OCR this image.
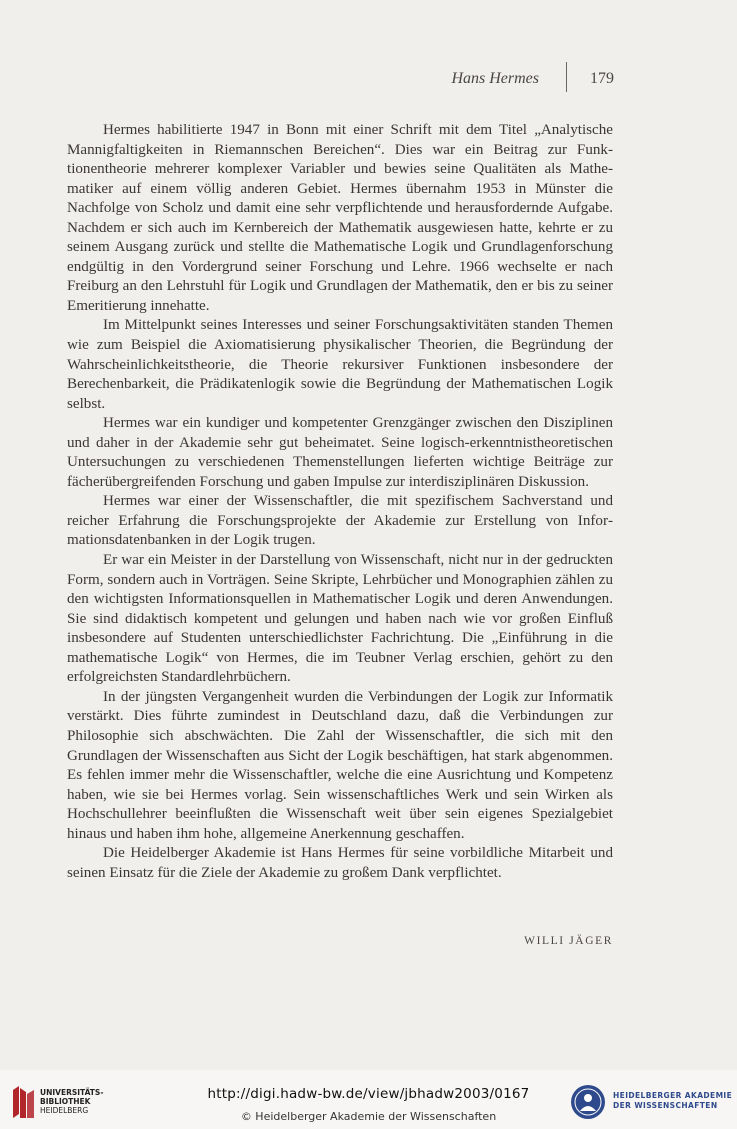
Hans Hermes	179

Hermes habilitierte 1947 in Bonn mit einer Schrift mit dem Titel „Analytische Mannigfaltigkeiten in Riemannschen Bereichen“. Dies war ein Beitrag zur Funktionentheorie mehrerer komplexer Variabler und bewies seine Qualitäten als Mathematiker auf einem völlig anderen Gebiet. Hermes übernahm 1953 in Münster die Nachfolge von Scholz und damit eine sehr verpflichtende und herausfordernde Aufgabe. Nachdem er sich auch im Kernbereich der Mathematik ausgewiesen hatte, kehrte er zu seinem Ausgang zurück und stellte die Mathematische Logik und Grundlagenforschung endgültig in den Vordergrund seiner Forschung und Lehre. 1966 wechselte er nach Freiburg an den Lehrstuhl für Logik und Grundlagen der Mathematik, den er bis zu seiner Emeritierung innehatte.

Im Mittelpunkt seines Interesses und seiner Forschungsaktivitäten standen Themen wie zum Beispiel die Axiomatisierung physikalischer Theorien, die Begründung der Wahrscheinlichkeitstheorie, die Theorie rekursiver Funktionen insbesondere der Berechenbarkeit, die Prädikatenlogik sowie die Begründung der Mathematischen Logik selbst.

Hermes war ein kundiger und kompetenter Grenzgänger zwischen den Disziplinen und daher in der Akademie sehr gut beheimatet. Seine logisch-erkenntnistheoretischen Untersuchungen zu verschiedenen Themenstellungen lieferten wichtige Beiträge zur fächerübergreifenden Forschung und gaben Impulse zur interdisziplinären Diskussion.

Hermes war einer der Wissenschaftler, die mit spezifischem Sachverstand und reicher Erfahrung die Forschungsprojekte der Akademie zur Erstellung von Informationsdatenbanken in der Logik trugen.

Er war ein Meister in der Darstellung von Wissenschaft, nicht nur in der gedruckten Form, sondern auch in Vorträgen. Seine Skripte, Lehrbücher und Monographien zählen zu den wichtigsten Informationsquellen in Mathematischer Logik und deren Anwendungen. Sie sind didaktisch kompetent und gelungen und haben nach wie vor großen Einfluß insbesondere auf Studenten unterschiedlichster Fachrichtung. Die „Einführung in die mathematische Logik“ von Hermes, die im Teubner Verlag erschien, gehört zu den erfolgreichsten Standardlehrbüchern.

In der jüngsten Vergangenheit wurden die Verbindungen der Logik zur Informatik verstärkt. Dies führte zumindest in Deutschland dazu, daß die Verbindungen zur Philosophie sich abschwächten. Die Zahl der Wissenschaftler, die sich mit den Grundlagen der Wissenschaften aus Sicht der Logik beschäftigen, hat stark abgenommen. Es fehlen immer mehr die Wissenschaftler, welche die eine Ausrichtung und Kompetenz haben, wie sie bei Hermes vorlag. Sein wissenschaftliches Werk und sein Wirken als Hochschullehrer beeinflußten die Wissenschaft weit über sein eigenes Spezialgebiet hinaus und haben ihm hohe, allgemeine Anerkennung geschaffen.

Die Heidelberger Akademie ist Hans Hermes für seine vorbildliche Mitarbeit und seinen Einsatz für die Ziele der Akademie zu großem Dank verpflichtet.

WILLI JÄGER
UNIVERSITÄTS-
BIBLIOTHEK
HEIDELBERG
http://digi.hadw-bw.de/view/jbhadw2003/0167
© Heidelberger Akademie der Wissenschaften
HEIDELBERGER AKADEMIE
DER WISSENSCHAFTEN
